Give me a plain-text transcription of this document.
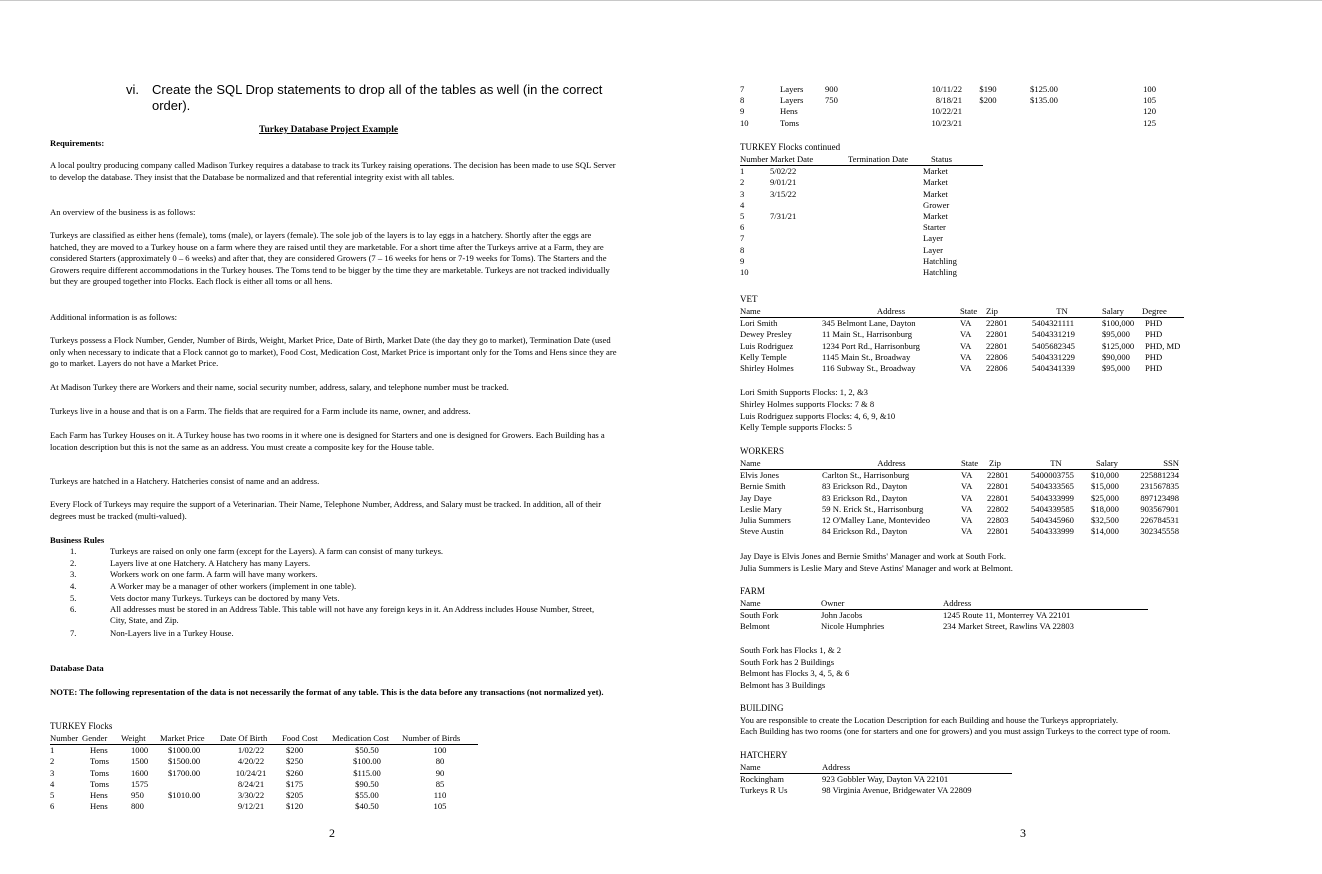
vi. Create the SQL Drop statements to drop all of the tables as well (in the correct order).
Turkey Database Project Example
Requirements:
A local poultry producing company called Madison Turkey requires a database to track its Turkey raising operations. The decision has been made to use SQL Server to develop the database. They insist that the Database be normalized and that referential integrity exist with all tables.
An overview of the business is as follows:
Turkeys are classified as either hens (female), toms (male), or layers (female). The sole job of the layers is to lay eggs in a hatchery. Shortly after the eggs are hatched, they are moved to a Turkey house on a farm where they are raised until they are marketable. For a short time after the Turkeys arrive at a Farm, they are considered Starters (approximately 0 – 6 weeks) and after that, they are considered Growers (7 – 16 weeks for hens or 7-19 weeks for Toms). The Starters and the Growers require different accommodations in the Turkey houses. The Toms tend to be bigger by the time they are marketable. Turkeys are not tracked individually but they are grouped together into Flocks. Each flock is either all toms or all hens.
Additional information is as follows:
Turkeys possess a Flock Number, Gender, Number of Birds, Weight, Market Price, Date of Birth, Market Date (the day they go to market), Termination Date (used only when necessary to indicate that a Flock cannot go to market), Food Cost, Medication Cost, Market Price is important only for the Toms and Hens since they are go to market. Layers do not have a Market Price.
At Madison Turkey there are Workers and their name, social security number, address, salary, and telephone number must be tracked.
Turkeys live in a house and that is on a Farm. The fields that are required for a Farm include its name, owner, and address.
Each Farm has Turkey Houses on it. A Turkey house has two rooms in it where one is designed for Starters and one is designed for Growers. Each Building has a location description but this is not the same as an address. You must create a composite key for the House table.
Turkeys are hatched in a Hatchery. Hatcheries consist of name and an address.
Every Flock of Turkeys may require the support of a Veterinarian. Their Name, Telephone Number, Address, and Salary must be tracked. In addition, all of their degrees must be tracked (multi-valued).
Business Rules
1.	Turkeys are raised on only one farm (except for the Layers). A farm can consist of many turkeys.
2.	Layers live at one Hatchery. A Hatchery has many Layers.
3.	Workers work on one farm. A farm will have many workers.
4.	A Worker may be a manager of other workers (implement in one table).
5.	Vets doctor many Turkeys. Turkeys can be doctored by many Vets.
6.	All addresses must be stored in an Address Table. This table will not have any foreign keys in it. An Address includes House Number, Street, City, State, and Zip.
7.	Non-Layers live in a Turkey House.
Database Data
NOTE: The following representation of the data is not necessarily the format of any table. This is the data before any transactions (not normalized yet).
TURKEY Flocks
Number	Gender	Weight	Market Price	Date Of Birth	Food Cost	Medication Cost	Number of Birds
1	Hens	1000	$1000.00	1/02/22	$200	$50.50	100
2	Toms	1500	$1500.00	4/20/22	$250	$100.00	80
3	Toms	1600	$1700.00	10/24/21	$260	$115.00	90
4	Toms	1575		8/24/21	$175	$90.50	85
5	Hens	950	$1010.00	3/30/22	$205	$55.00	110
6	Hens	800		9/12/21	$120	$40.50	105
2
7	Layers	900		10/11/22	$190	$125.00	100
8	Layers	750		8/18/21	$200	$135.00	105
9	Hens			10/22/21			120
10	Toms			10/23/21			125
TURKEY Flocks continued
Number	Market Date	Termination Date	Status
1	5/02/22		Market
2	9/01/21		Market
3	3/15/22		Market
4			Grower
5	7/31/21		Market
6			Starter
7			Layer
8			Layer
9			Hatchling
10			Hatchling
VET
Name	Address	State	Zip	TN	Salary	Degree
Lori Smith	345 Belmont Lane, Dayton	VA	22801	5404321111	$100,000	PHD
Dewey Presley	11 Main St., Harrisonburg	VA	22801	5404331219	$95,000	PHD
Luis Rodriguez	1234 Port Rd., Harrisonburg	VA	22801	5405682345	$125,000	PHD, MD
Kelly Temple	1145 Main St., Broadway	VA	22806	5404331229	$90,000	PHD
Shirley Holmes	116 Subway St., Broadway	VA	22806	5404341339	$95,000	PHD
Lori Smith Supports Flocks: 1, 2, &3
Shirley Holmes supports Flocks: 7 & 8
Luis Rodriguez supports Flocks: 4, 6, 9, &10
Kelly Temple supports Flocks: 5
WORKERS
Name	Address	State	Zip	TN	Salary	SSN
Elvis Jones	Carlton St., Harrisonburg	VA	22801	5400003755	$10,000	225881234
Bernie Smith	83 Erickson Rd., Dayton	VA	22801	5404333565	$15,000	231567835
Jay Daye	83 Erickson Rd., Dayton	VA	22801	5404333999	$25,000	897123498
Leslie Mary	59 N. Erick St., Harrisonburg	VA	22802	5404339585	$18,000	903567901
Julia Summers	12 O'Malley Lane, Montevideo	VA	22803	5404345960	$32,500	226784531
Steve Austin	84 Erickson Rd., Dayton	VA	22801	5404333999	$14,000	302345558
Jay Daye is Elvis Jones and Bernie Smiths' Manager and work at South Fork.
Julia Summers is Leslie Mary and Steve Astins' Manager and work at Belmont.
FARM
Name	Owner	Address
South Fork	John Jacobs	1245 Route 11, Monterrey VA 22101
Belmont	Nicole Humphries	234 Market Street, Rawlins VA 22803
South Fork has Flocks 1, & 2
South Fork has 2 Buildings
Belmont has Flocks 3, 4, 5, & 6
Belmont has 3 Buildings
BUILDING
You are responsible to create the Location Description for each Building and house the Turkeys appropriately.
Each Building has two rooms (one for starters and one for growers) and you must assign Turkeys to the correct type of room.
HATCHERY
Name	Address
Rockingham	923 Gobbler Way, Dayton VA 22101
Turkeys R Us	98 Virginia Avenue, Bridgewater VA 22809
3
